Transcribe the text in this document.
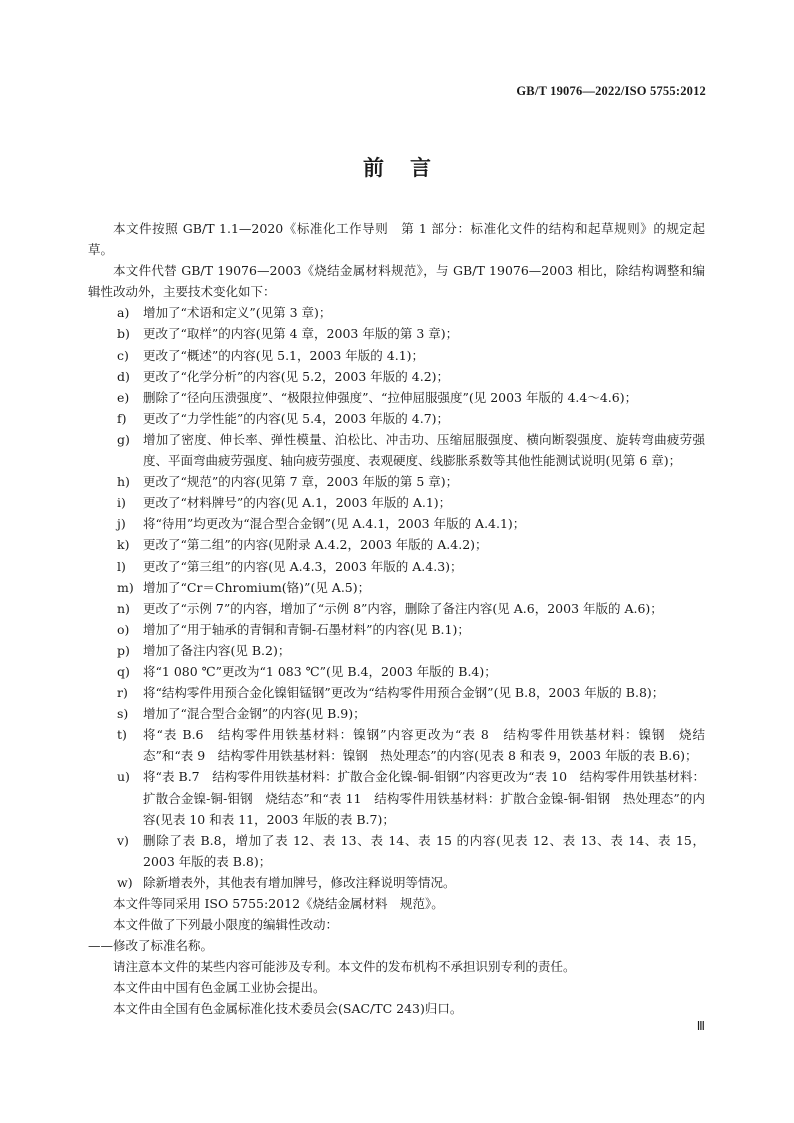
GB/T 19076—2022/ISO 5755:2012
前言

本文件按照 GB/T 1.1—2020《标准化工作导则　第 1 部分：标准化文件的结构和起草规则》的规定起草。

本文件代替 GB/T 19076—2003《烧结金属材料规范》，与 GB/T 19076—2003 相比，除结构调整和编辑性改动外，主要技术变化如下：

a) 增加了“术语和定义”(见第 3 章)；

b) 更改了“取样”的内容(见第 4 章，2003 年版的第 3 章)；

c) 更改了“概述”的内容(见 5.1，2003 年版的 4.1)；

d) 更改了“化学分析”的内容(见 5.2，2003 年版的 4.2)；

e) 删除了“径向压溃强度”、“极限拉伸强度”、“拉伸屈服强度”(见 2003 年版的 4.4～4.6)；

f) 更改了“力学性能”的内容(见 5.4，2003 年版的 4.7)；

g) 增加了密度、伸长率、弹性模量、泊松比、冲击功、压缩屈服强度、横向断裂强度、旋转弯曲疲劳强度、平面弯曲疲劳强度、轴向疲劳强度、表观硬度、线膨胀系数等其他性能测试说明(见第 6 章)；

h) 更改了“规范”的内容(见第 7 章，2003 年版的第 5 章)；

i) 更改了“材料牌号”的内容(见 A.1，2003 年版的 A.1)；

j) 将“待用”均更改为“混合型合金钢”(见 A.4.1，2003 年版的 A.4.1)；

k) 更改了“第二组”的内容(见附录 A.4.2，2003 年版的 A.4.2)；

l) 更改了“第三组”的内容(见 A.4.3，2003 年版的 A.4.3)；

m) 增加了“Cr＝Chromium(铬)”(见 A.5)；

n) 更改了“示例 7”的内容，增加了“示例 8”内容，删除了备注内容(见 A.6，2003 年版的 A.6)；

o) 增加了“用于轴承的青铜和青铜-石墨材料”的内容(见 B.1)；

p) 增加了备注内容(见 B.2)；

q) 将“1 080 ℃”更改为“1 083 ℃”(见 B.4，2003 年版的 B.4)；

r) 将“结构零件用预合金化镍钼锰钢”更改为“结构零件用预合金钢”(见 B.8，2003 年版的 B.8)；

s) 增加了“混合型合金钢”的内容(见 B.9)；

t) 将“表 B.6　结构零件用铁基材料：镍钢”内容更改为“表 8　结构零件用铁基材料：镍钢　烧结态”和“表 9　结构零件用铁基材料：镍钢　热处理态”的内容(见表 8 和表 9，2003 年版的表 B.6)；

u) 将“表 B.7　结构零件用铁基材料：扩散合金化镍-铜-钼钢”内容更改为“表 10　结构零件用铁基材料：扩散合金镍-铜-钼钢　烧结态”和“表 11　结构零件用铁基材料：扩散合金镍-铜-钼钢　热处理态”的内容(见表 10 和表 11，2003 年版的表 B.7)；

v) 删除了表 B.8，增加了表 12、表 13、表 14、表 15 的内容(见表 12、表 13、表 14、表 15，2003 年版的表 B.8)；

w) 除新增表外，其他表有增加牌号，修改注释说明等情况。

本文件等同采用 ISO 5755:2012《烧结金属材料　规范》。

本文件做了下列最小限度的编辑性改动：

——修改了标准名称。

请注意本文件的某些内容可能涉及专利。本文件的发布机构不承担识别专利的责任。

本文件由中国有色金属工业协会提出。

本文件由全国有色金属标准化技术委员会(SAC/TC 243)归口。

Ⅲ
